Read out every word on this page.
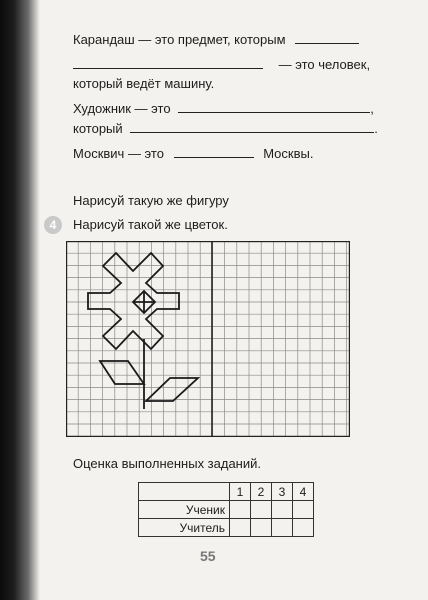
Карандаш — это предмет, которым
— это человек,
который ведёт машину.
Художник — это	,
который	.
Москвич — это	Москвы.
Нарисуй такую же фигуру
4	Нарисуй такой же цветок.
Оценка выполненных заданий.
	1	2	3	4
Ученик				
Учитель				
55
